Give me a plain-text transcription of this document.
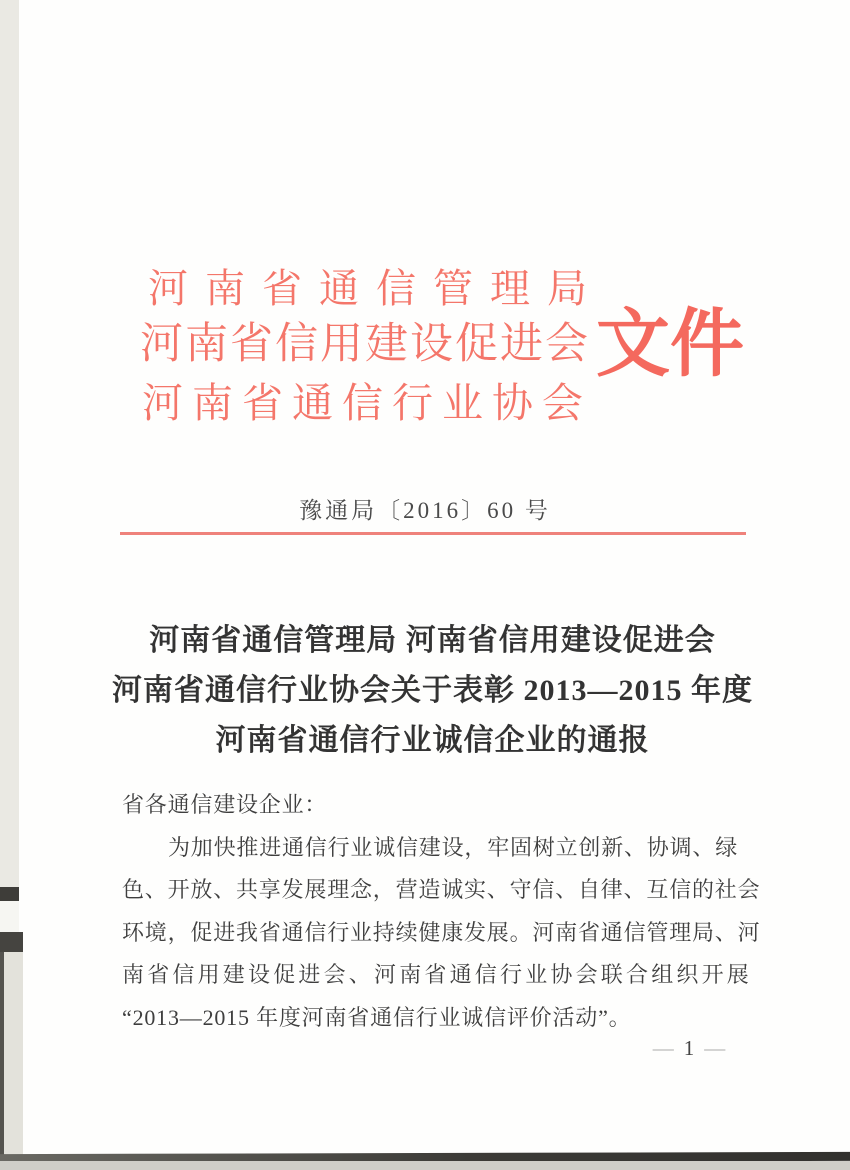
河南省通信管理局
河南省信用建设促进会
河南省通信行业协会
文件
豫通局〔2016〕60 号
河南省通信管理局 河南省信用建设促进会
河南省通信行业协会关于表彰 2013—2015 年度
河南省通信行业诚信企业的通报
省各通信建设企业：
为加快推进通信行业诚信建设，牢固树立创新、协调、绿
色、开放、共享发展理念，营造诚实、守信、自律、互信的社会
环境，促进我省通信行业持续健康发展。河南省通信管理局、河
南省信用建设促进会、河南省通信行业协会联合组织开展
“2013—2015 年度河南省通信行业诚信评价活动”。
— 1 —
